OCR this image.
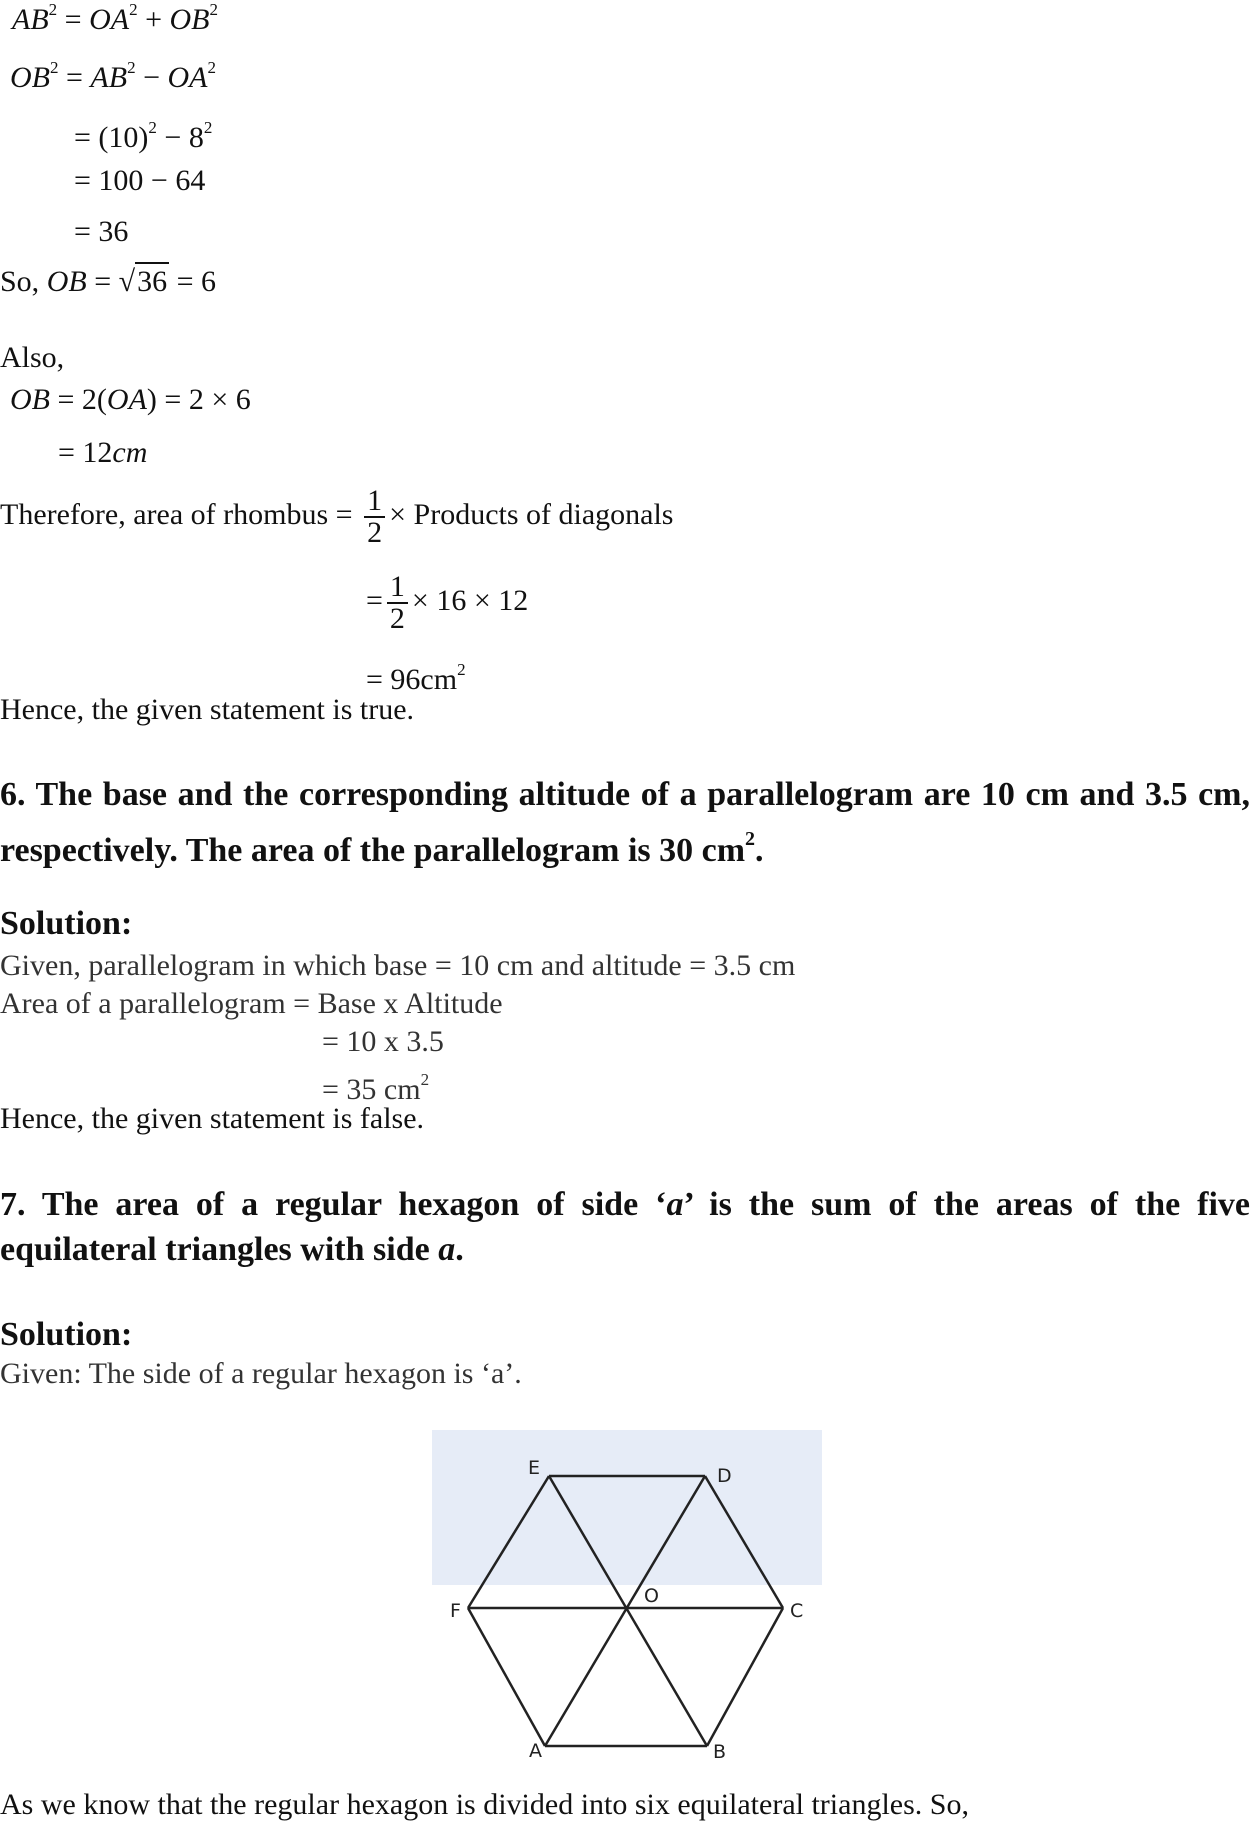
$AB^2 = OA^2 + OB^2$
$OB^2 = AB^2 - OA^2$
= $(10)^2 - 8^2$
= 100 − 64
= 36
So, OB = √36 = 6
Also,
OB = 2(OA) = 2 × 6
= 12cm
Therefore, area of rhombus = $\frac{1}{2}$ × Products of diagonals
= $\frac{1}{2} \times 16 \times 12$
= $96cm^2$
Hence, the given statement is true.
6. The base and the corresponding altitude of a parallelogram are 10 cm and 3.5 cm, respectively. The area of the parallelogram is 30 $cm^2$.
Solution:
Given, parallelogram in which base = 10 cm and altitude = 3.5 cm
Area of a parallelogram = Base x Altitude
= 10 x 3.5
= 35 $cm^2$
Hence, the given statement is false.
7. The area of a regular hexagon of side ‘a’ is the sum of the areas of the five equilateral triangles with side a.
Solution:
Given: The side of a regular hexagon is ‘a’.
E	D
F
O
C
A	B
As we know that the regular hexagon is divided into six equilateral triangles. So,
